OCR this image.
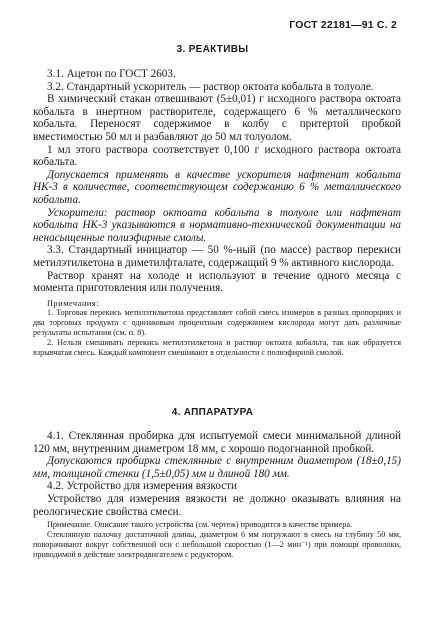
ГОСТ 22181—91 С. 2
3. РЕАКТИВЫ

3.1. Ацетон по ГОСТ 2603.

3.2. Стандартный ускоритель — раствор октоата кобальта в толуоле.

В химический стакан отвешивают (5±0,01) г исходного раствора октоата кобальта в инертном растворителе, содержащего 6 % металлического кобальта. Переносят содержимое в колбу с притертой пробкой вместимостью 50 мл и разбавляют до 50 мл толуолом.

1 мл этого раствора соответствует 0,100 г исходного раствора октоата кобальта.

Допускается применять в качестве ускорителя нафтенат кобальта НК-3 в количестве, соответствующем содержанию 6 % металлического кобальта.

Ускорители: раствор октоата кобальта в толуоле или нафтенат кобальта НК-3 указываются в нормативно-технической документации на ненасыщенные полиэфирные смолы.

3.3. Стандартный инициатор — 50 %-ный (по массе) раствор перекиси метилэтилкетона в диметилфталате, содержащий 9 % активного кислорода.

Раствор хранят на холоде и используют в течение одного месяца с момента приготовления или получения.

Примечания:

1. Торговая перекись метилэтилкетона представляет собой смесь изомеров в разных пропорциях и два торговых продукта с одинаковым процентным содержанием кислорода могут дать различные результаты испытания (см. п. 8).

2. Нельзя смешивать перекись метилэтилкетона и раствор октоата кобальта, так как образуется взрывчатая смесь. Каждый компонент смешивают в отдельности с полиэфирной смолой.

4. АППАРАТУРА

4.1. Стеклянная пробирка для испытуемой смеси минимальной длиной 120 мм, внутренним диаметром 18 мм, с хорошо подогнанной пробкой.

Допускаются пробирки стеклянные с внутренним диаметром (18±0,15) мм, толщиной стенки (1,5±0,05) мм и длиной 180 мм.

4.2. Устройство для измерения вязкости

Устройство для измерения вязкости не должно оказывать влияния на реологические свойства смеси.

Примечание. Описание такого устройства (см. чертеж) приводится в качестве примера.

Стеклянную палочку достаточной длины, диаметром 6 мм погружают в смесь на глубину 50 мм, поворачивают вокруг собственной оси с небольшой скоростью (1—2 мин⁻¹) при помощи проволоки, приводимой в действие электродвигателем с редуктором.
